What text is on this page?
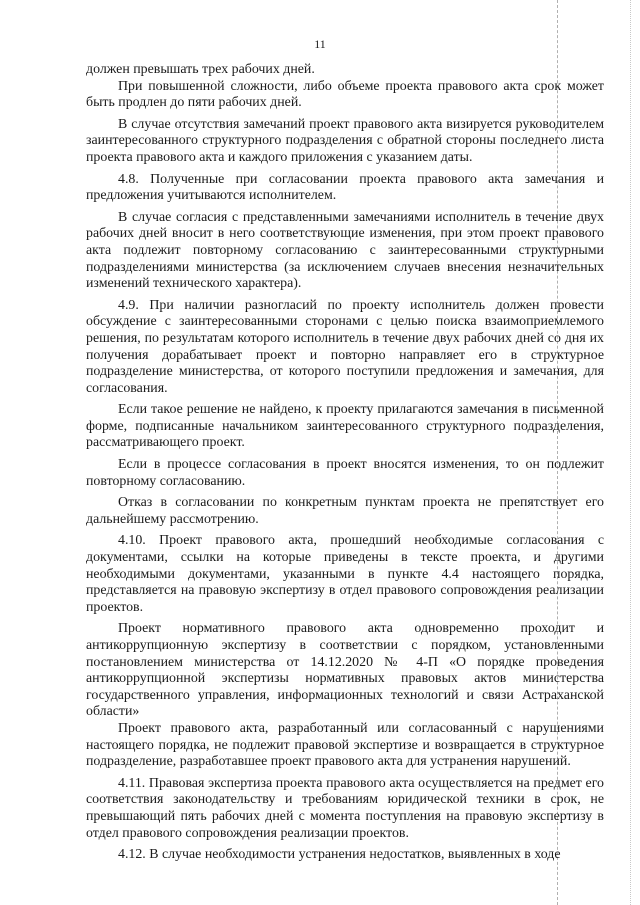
11

должен превышать трех рабочих дней.

При повышенной сложности, либо объеме проекта правового акта срок может быть продлен до пяти рабочих дней.

В случае отсутствия замечаний проект правового акта визируется руководителем заинтересованного структурного подразделения с обратной стороны последнего листа проекта правового акта и каждого приложения с указанием даты.

4.8. Полученные при согласовании проекта правового акта замечания и предложения учитываются исполнителем.

В случае согласия с представленными замечаниями исполнитель в течение двух рабочих дней вносит в него соответствующие изменения, при этом проект правового акта подлежит повторному согласованию с заинтересованными структурными подразделениями министерства (за исключением случаев внесения незначительных изменений технического характера).

4.9. При наличии разногласий по проекту исполнитель должен провести обсуждение с заинтересованными сторонами с целью поиска взаимоприемлемого решения, по результатам которого исполнитель в течение двух рабочих дней со дня их получения дорабатывает проект и повторно направляет его в структурное подразделение министерства, от которого поступили предложения и замечания, для согласования.

Если такое решение не найдено, к проекту прилагаются замечания в письменной форме, подписанные начальником заинтересованного структурного подразделения, рассматривающего проект.

Если в процессе согласования в проект вносятся изменения, то он подлежит повторному согласованию.

Отказ в согласовании по конкретным пунктам проекта не препятствует его дальнейшему рассмотрению.

4.10. Проект правового акта, прошедший необходимые согласования с документами, ссылки на которые приведены в тексте проекта, и другими необходимыми документами, указанными в пункте 4.4 настоящего порядка, представляется на правовую экспертизу в отдел правового сопровождения реализации проектов.

Проект нормативного правового акта одновременно проходит и антикоррупционную экспертизу в соответствии с порядком, установленными постановлением министерства от 14.12.2020 № 4-П «О порядке проведения антикоррупционной экспертизы нормативных правовых актов министерства государственного управления, информационных технологий и связи Астраханской области»

Проект правового акта, разработанный или согласованный с нарушениями настоящего порядка, не подлежит правовой экспертизе и возвращается в структурное подразделение, разработавшее проект правового акта для устранения нарушений.

4.11. Правовая экспертиза проекта правового акта осуществляется на предмет его соответствия законодательству и требованиям юридической техники в срок, не превышающий пять рабочих дней с момента поступления на правовую экспертизу в отдел правового сопровождения реализации проектов.

4.12. В случае необходимости устранения недостатков, выявленных в ходе
